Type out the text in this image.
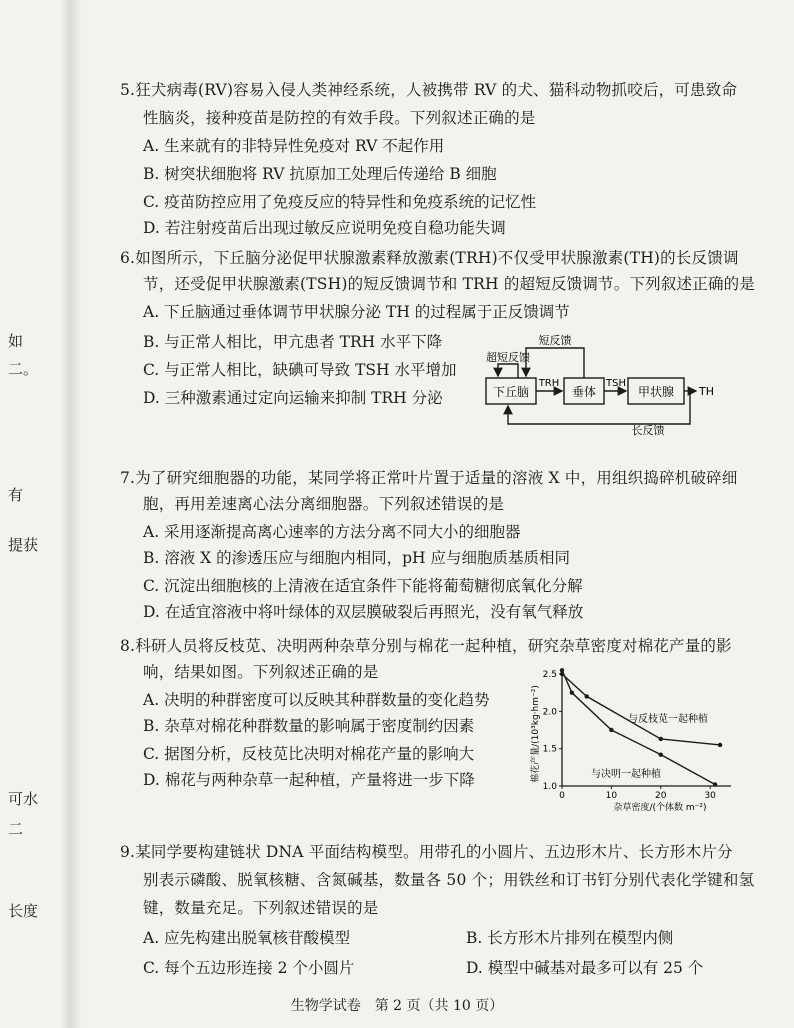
如
二。
有
提获
可水
二
长度
5.狂犬病毒(RV)容易入侵人类神经系统，人被携带 RV 的犬、猫科动物抓咬后，可患致命
性脑炎，接种疫苗是防控的有效手段。下列叙述正确的是
A. 生来就有的非特异性免疫对 RV 不起作用
B. 树突状细胞将 RV 抗原加工处理后传递给 B 细胞
C. 疫苗防控应用了免疫反应的特异性和免疫系统的记忆性
D. 若注射疫苗后出现过敏反应说明免疫自稳功能失调
6.如图所示，下丘脑分泌促甲状腺激素释放激素(TRH)不仅受甲状腺激素(TH)的长反馈调
节，还受促甲状腺激素(TSH)的短反馈调节和 TRH 的超短反馈调节。下列叙述正确的是
A. 下丘脑通过垂体调节甲状腺分泌 TH 的过程属于正反馈调节
B. 与正常人相比，甲亢患者 TRH 水平下降
C. 与正常人相比，缺碘可导致 TSH 水平增加
D. 三种激素通过定向运输来抑制 TRH 分泌
短反馈
超短反馈
TRH	TSH
TH
下丘脑	垂体	甲状腺
长反馈
7.为了研究细胞器的功能，某同学将正常叶片置于适量的溶液 X 中，用组织捣碎机破碎细
胞，再用差速离心法分离细胞器。下列叙述错误的是
A. 采用逐渐提高离心速率的方法分离不同大小的细胞器
B. 溶液 X 的渗透压应与细胞内相同，pH 应与细胞质基质相同
C. 沉淀出细胞核的上清液在适宜条件下能将葡萄糖彻底氧化分解
D. 在适宜溶液中将叶绿体的双层膜破裂后再照光，没有氧气释放
8.科研人员将反枝苋、决明两种杂草分别与棉花一起种植，研究杂草密度对棉花产量的影
响，结果如图。下列叙述正确的是
A. 决明的种群密度可以反映其种群数量的变化趋势
B. 杂草对棉花种群数量的影响属于密度制约因素
C. 据图分析，反枝苋比决明对棉花产量的影响大
D. 棉花与两种杂草一起种植，产量将进一步下降	1.0
1.5
2.0
2.5
0	10	20	30
棉花产量/(10³kg·hm⁻²)
杂草密度/(个体数 m⁻²)
与反枝苋一起种植
与决明一起种植
9.某同学要构建链状 DNA 平面结构模型。用带孔的小圆片、五边形木片、长方形木片分
别表示磷酸、脱氧核糖、含氮碱基，数量各 50 个；用铁丝和订书钉分别代表化学键和氢
键，数量充足。下列叙述错误的是
A. 应先构建出脱氧核苷酸模型	B. 长方形木片排列在模型内侧
C. 每个五边形连接 2 个小圆片	D. 模型中碱基对最多可以有 25 个
生物学试卷　第 2 页（共 10 页）
